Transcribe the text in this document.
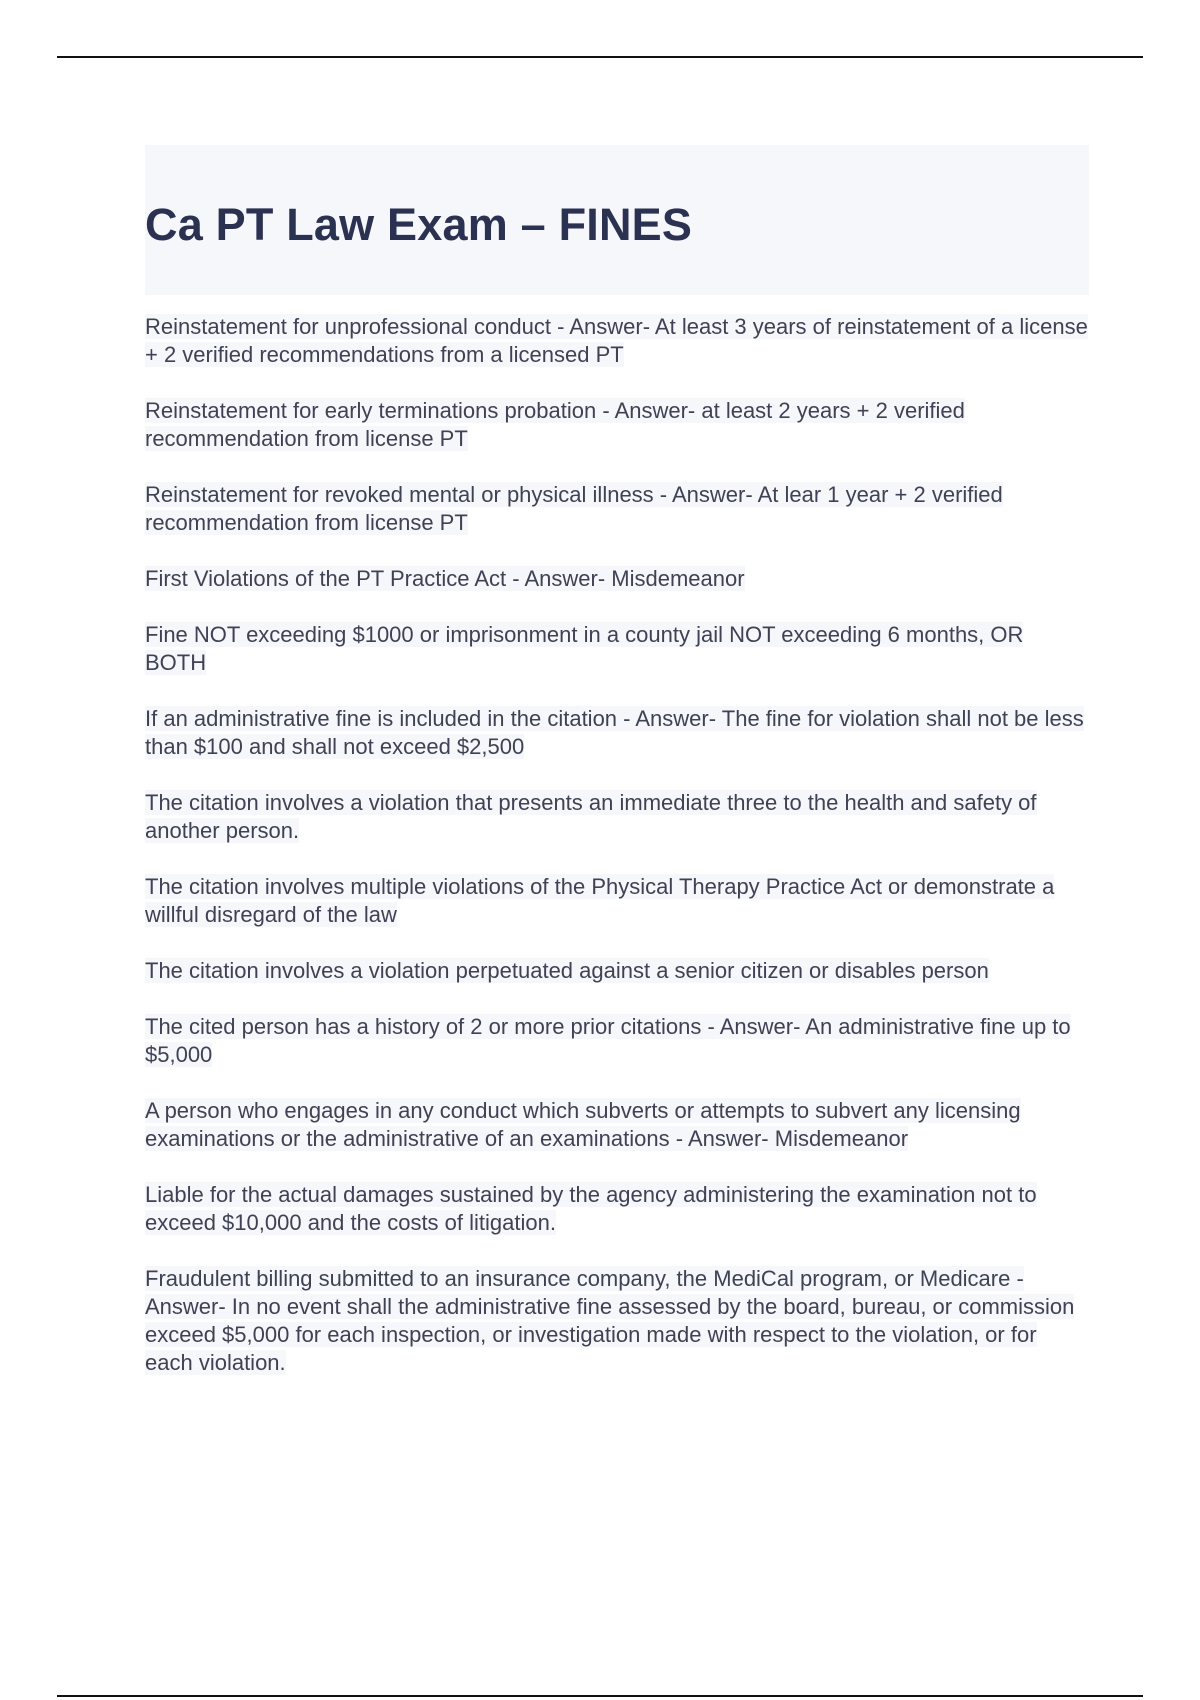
Ca PT Law Exam – FINES

Reinstatement for unprofessional conduct - Answer- At least 3 years of reinstatement of a license + 2 verified recommendations from a licensed PT

Reinstatement for early terminations probation - Answer- at least 2 years + 2 verified recommendation from license PT

Reinstatement for revoked mental or physical illness - Answer- At lear 1 year + 2 verified recommendation from license PT

First Violations of the PT Practice Act - Answer- Misdemeanor

Fine NOT exceeding $1000 or imprisonment in a county jail NOT exceeding 6 months, OR BOTH

If an administrative fine is included in the citation - Answer- The fine for violation shall not be less than $100 and shall not exceed $2,500

The citation involves a violation that presents an immediate three to the health and safety of another person.

The citation involves multiple violations of the Physical Therapy Practice Act or demonstrate a willful disregard of the law

The citation involves a violation perpetuated against a senior citizen or disables person

The cited person has a history of 2 or more prior citations - Answer- An administrative fine up to $5,000

A person who engages in any conduct which subverts or attempts to subvert any licensing examinations or the administrative of an examinations - Answer- Misdemeanor

Liable for the actual damages sustained by the agency administering the examination not to exceed $10,000 and the costs of litigation.

Fraudulent billing submitted to an insurance company, the MediCal program, or Medicare - Answer- In no event shall the administrative fine assessed by the board, bureau, or commission exceed $5,000 for each inspection, or investigation made with respect to the violation, or for each violation.
